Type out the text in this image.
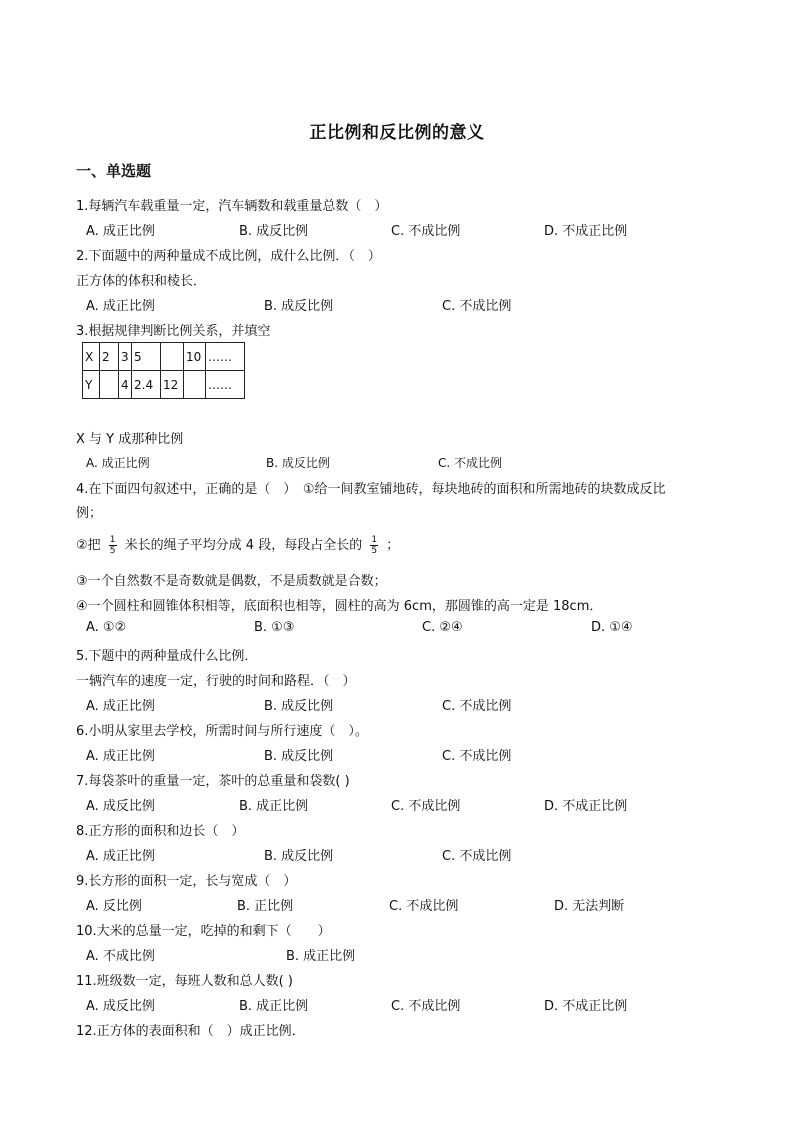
正比例和反比例的意义
一、单选题
1.每辆汽车载重量一定，汽车辆数和载重量总数（　）
A. 成正比例	B. 成反比例	C. 不成比例	D. 不成正比例
2.下面题中的两种量成不成比例，成什么比例．（　）
正方体的体积和棱长．
A. 成正比例	B. 成反比例	C. 不成比例
3.根据规律判断比例关系，并填空
X	2	3	5		10	……
Y		4	2.4	12		……
X 与 Y 成那种比例
A. 成正比例	B. 成反比例	C. 不成比例
4.在下面四句叙述中，正确的是（　）　①给一间教室铺地砖，每块地砖的面积和所需地砖的块数成反比
例；
②把 $\frac{1}{5}$ 米长的绳子平均分成 4 段，每段占全长的 $\frac{1}{5}$ ；
③一个自然数不是奇数就是偶数，不是质数就是合数；
④一个圆柱和圆锥体积相等，底面积也相等，圆柱的高为 6cm，那圆锥的高一定是 18cm．
A. ①②	B. ①③	C. ②④	D. ①④
5.下题中的两种量成什么比例．
一辆汽车的速度一定，行驶的时间和路程．（　）
A. 成正比例	B. 成反比例	C. 不成比例
6.小明从家里去学校，所需时间与所行速度（　）。
A. 成正比例	B. 成反比例	C. 不成比例
7.每袋茶叶的重量一定，茶叶的总重量和袋数( )
A. 成反比例	B. 成正比例	C. 不成比例	D. 不成正比例
8.正方形的面积和边长（　）
A. 成正比例	B. 成反比例	C. 不成比例
9.长方形的面积一定，长与宽成（　）
A. 反比例	B. 正比例	C. 不成比例	D. 无法判断
10.大米的总量一定，吃掉的和剩下（　　）
A. 不成比例	B. 成正比例
11.班级数一定，每班人数和总人数( )
A. 成反比例	B. 成正比例	C. 不成比例	D. 不成正比例
12.正方体的表面积和（　）成正比例．
